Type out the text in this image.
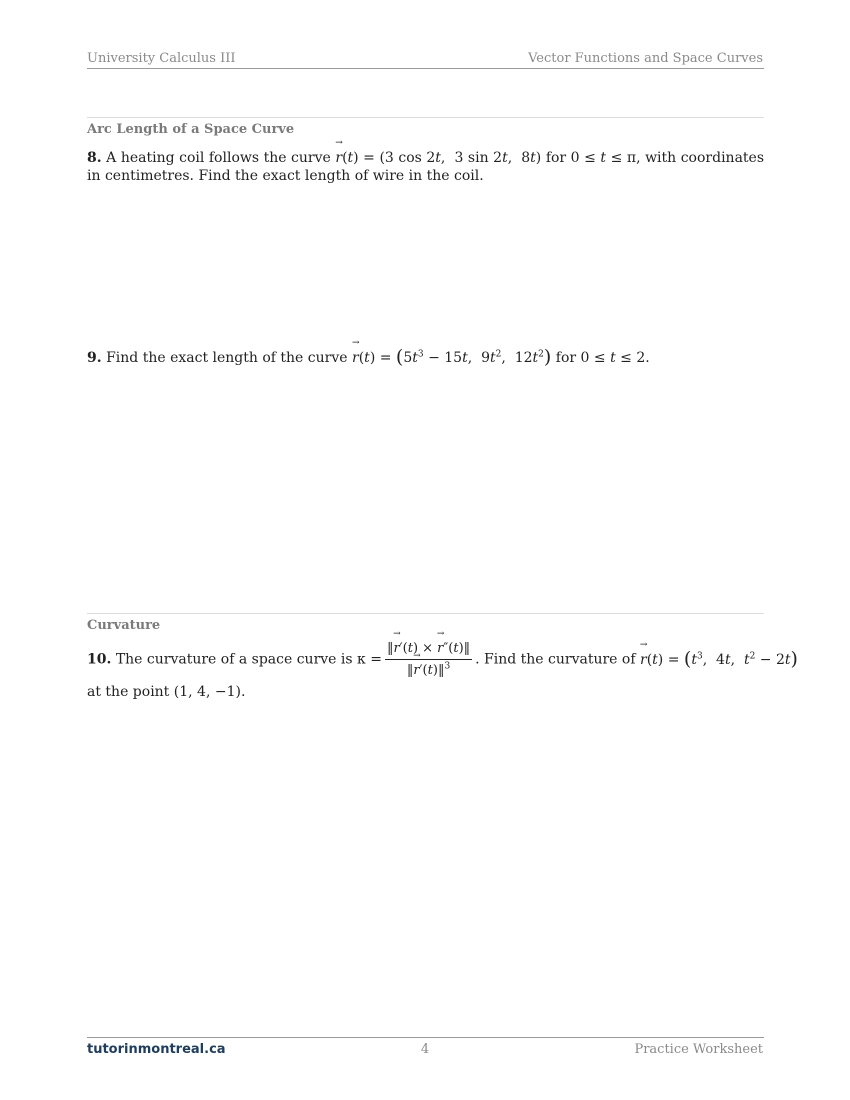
University Calculus III	Vector Functions and Space Curves
Arc Length of a Space Curve
8. A heating coil follows the curve r →(t) = (3 cos 2t,  3 sin 2t,  8t) for 0 ≤ t ≤ π, with coordinates in centimetres. Find the exact length of wire in the coil.
9. Find the exact length of the curve $r \to(t) = (5t^3 - 15t$,  $9t^2$,  $12t^2$) for 0 ≤ t ≤ 2.
Curvature
10. The curvature of a space curve is $\kappa = \frac{‖r \to'(t) \times r \to''(t)‖}{‖r \to'(t)‖^3}$ . Find the curvature of $r \to(t) = (t^3$,  4t,  $t^2 - 2t$)
at the point (1, 4, −1).
4
tutorinmontreal.ca	Practice Worksheet
